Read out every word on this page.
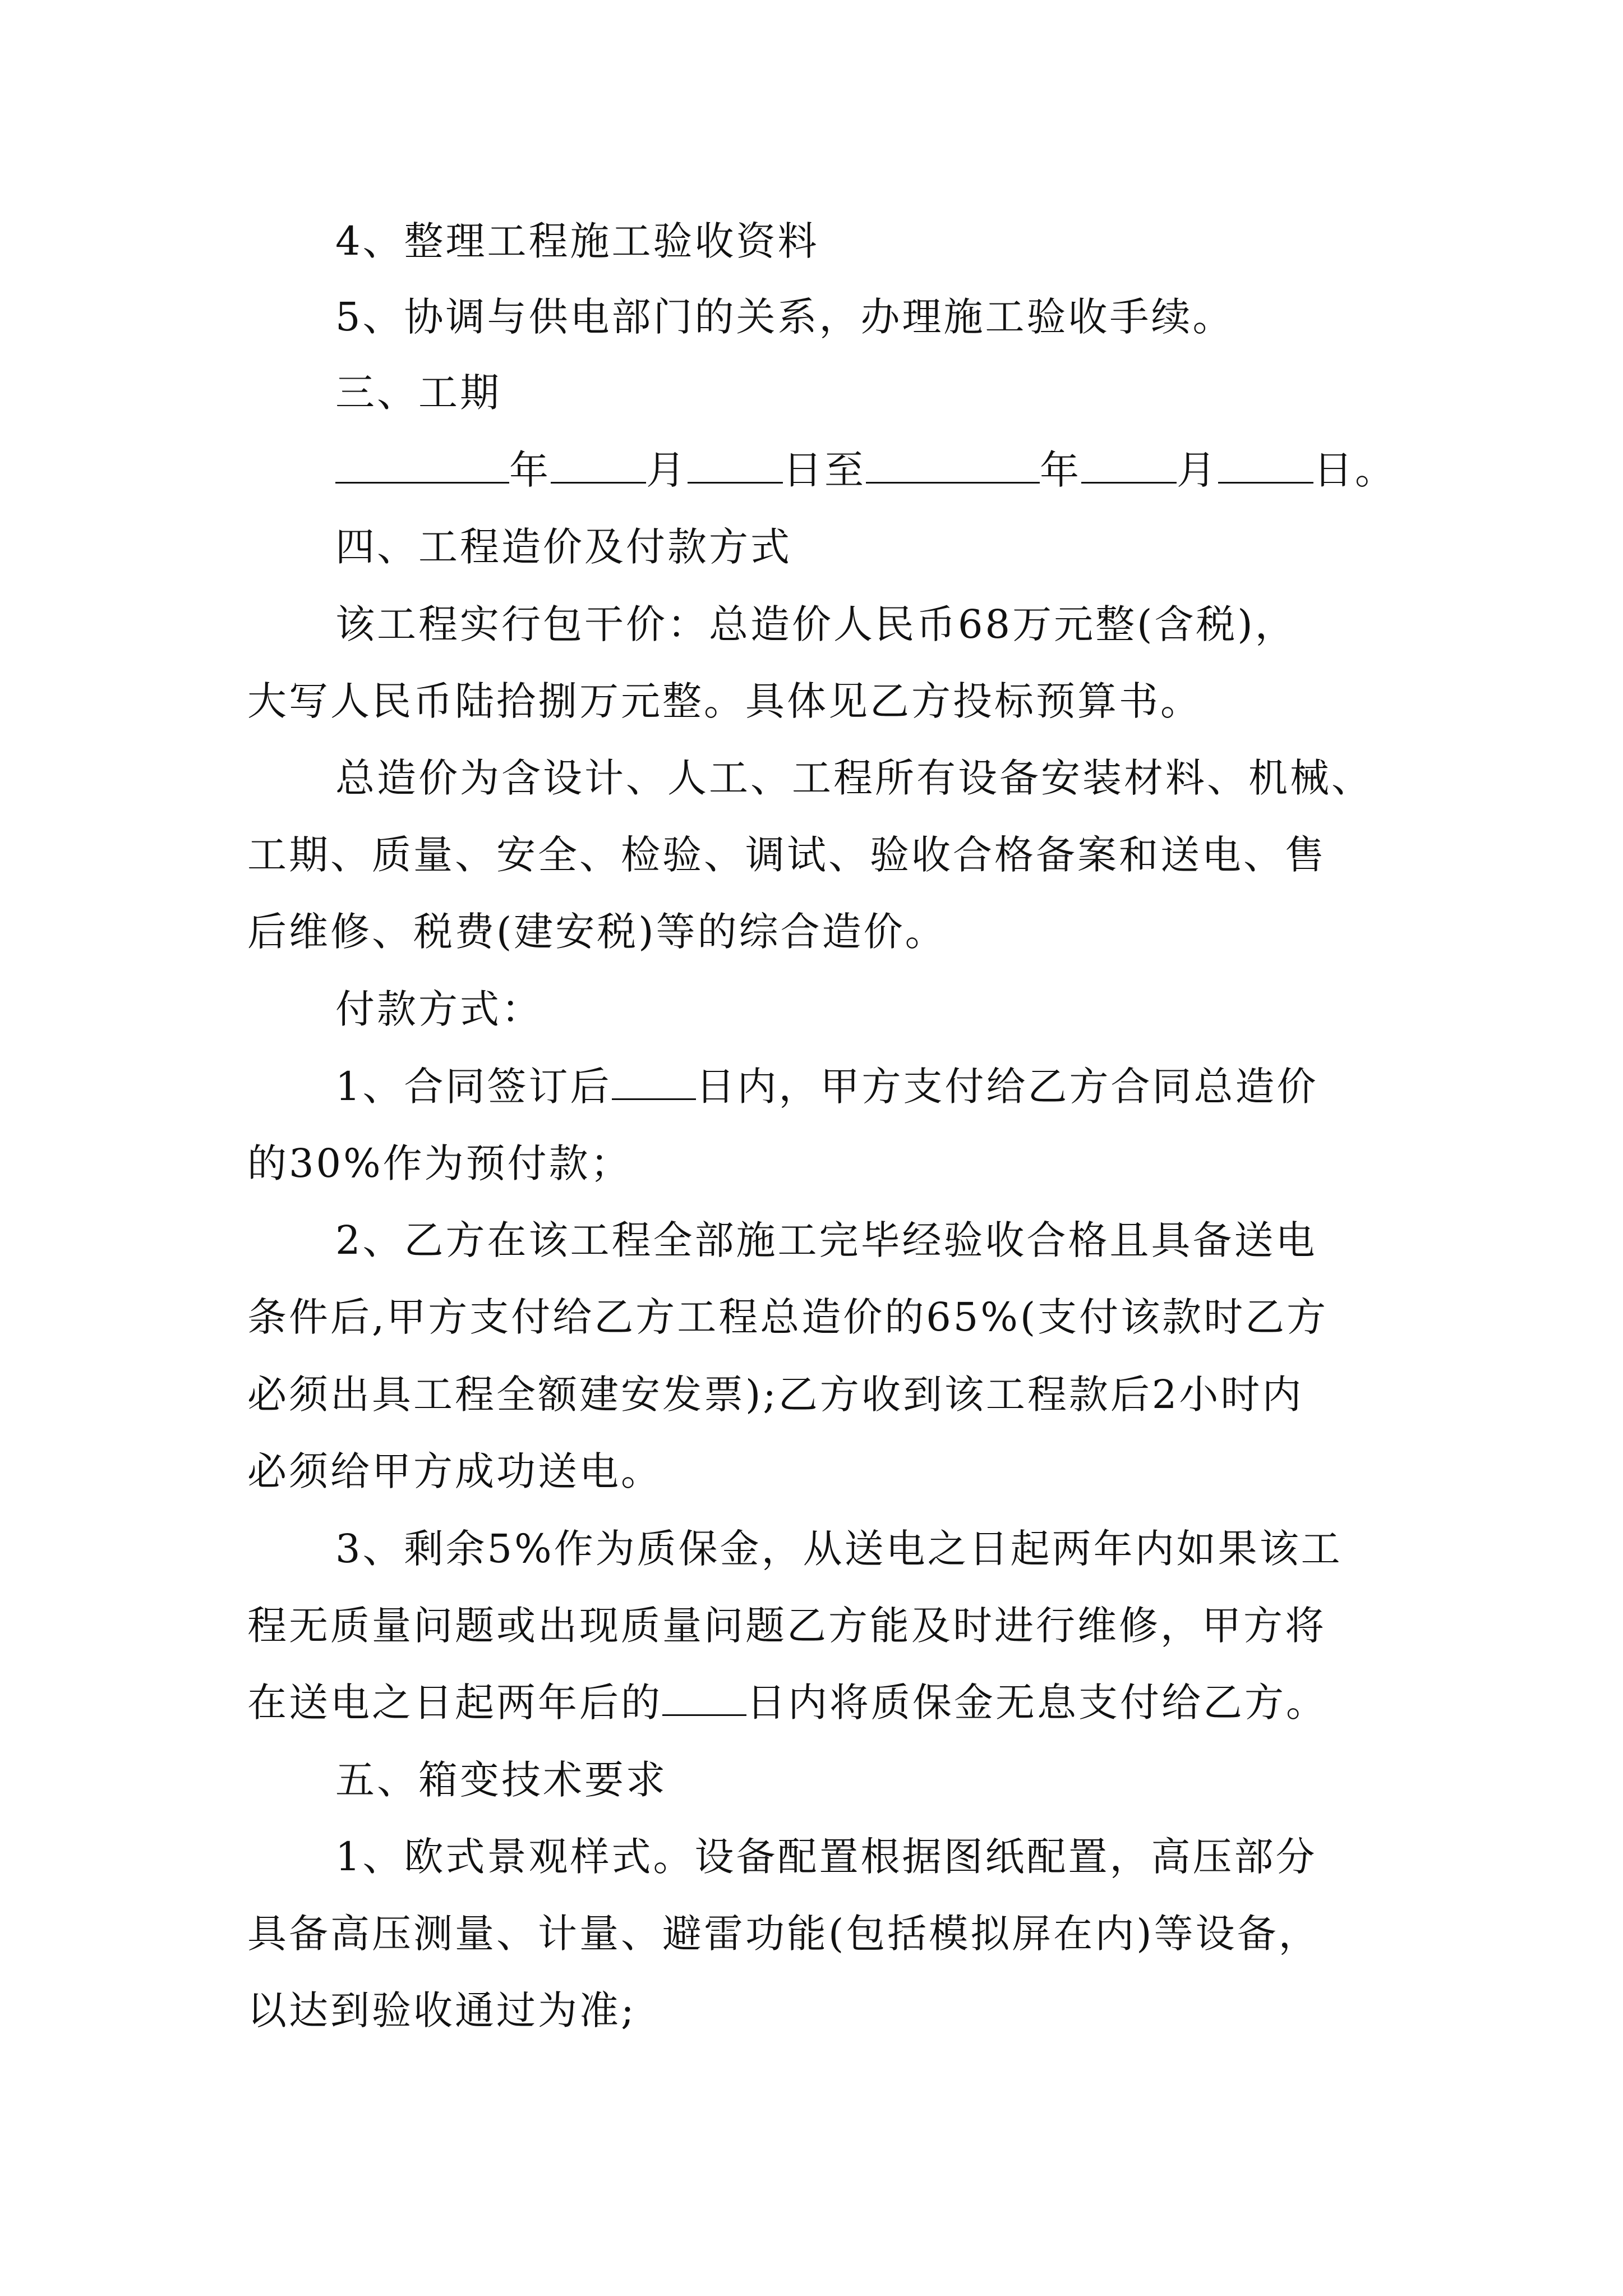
4、整理工程施工验收资料
5、协调与供电部门的关系，办理施工验收手续。
三、工期
年 月 日至	年 月 日。
四、工程造价及付款方式
该工程实行包干价：总造价人民币68万元整(含税)，
大写人民币陆拾捌万元整。具体见乙方投标预算书。
总造价为含设计、人工、工程所有设备安装材料、机械、
工期、质量、安全、检验、调试、验收合格备案和送电、售
后维修、税费(建安税)等的综合造价。
付款方式：
1、合同签订后 日内，甲方支付给乙方合同总造价
的30%作为预付款；
2、乙方在该工程全部施工完毕经验收合格且具备送电
条件后,甲方支付给乙方工程总造价的65%(支付该款时乙方
必须出具工程全额建安发票);乙方收到该工程款后2小时内
必须给甲方成功送电。
3、剩余5%作为质保金，从送电之日起两年内如果该工
程无质量问题或出现质量问题乙方能及时进行维修，甲方将
在送电之日起两年后的 日内将质保金无息支付给乙方。
五、箱变技术要求
1、欧式景观样式。设备配置根据图纸配置，高压部分
具备高压测量、计量、避雷功能(包括模拟屏在内)等设备，
以达到验收通过为准;
